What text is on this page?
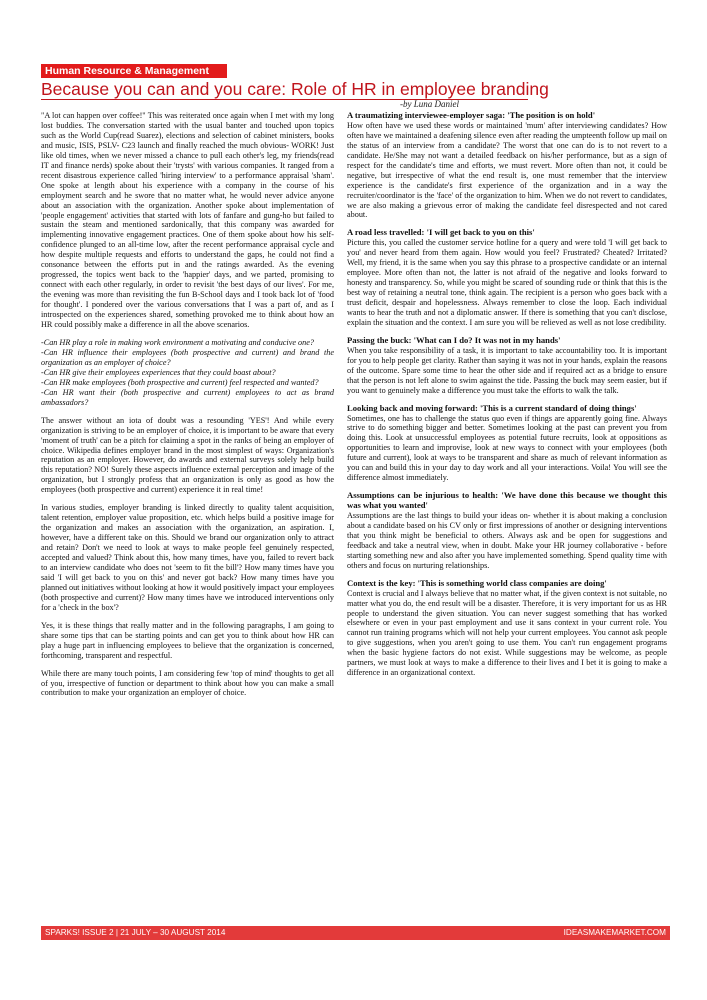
Human Resource & Management
Because you can and you care: Role of HR in employee branding
-by Luna Daniel

"A lot can happen over coffee!" This was reiterated once again when I met with my long lost buddies. The conversation started with the usual banter and touched upon topics such as the World Cup(read Suarez), elections and selection of cabinet ministers, books and music, ISIS, PSLV- C23 launch and finally reached the much obvious- WORK! Just like old times, when we never missed a chance to pull each other's leg, my friends(read IT and finance nerds) spoke about their 'trysts' with various companies. It ranged from a recent disastrous experience called 'hiring interview' to a performance appraisal 'sham'. One spoke at length about his experience with a company in the course of his employment search and he swore that no matter what, he would never advice anyone about an association with the organization. Another spoke about implementation of 'people engagement' activities that started with lots of fanfare and gung-ho but failed to sustain the steam and mentioned sardonically, that this company was awarded for implementing innovative engagement practices. One of them spoke about how his self-confidence plunged to an all-time low, after the recent performance appraisal cycle and how despite multiple requests and efforts to understand the gaps, he could not find a consonance between the efforts put in and the ratings awarded. As the evening progressed, the topics went back to the 'happier' days, and we parted, promising to connect with each other regularly, in order to revisit 'the best days of our lives'. For me, the evening was more than revisiting the fun B-School days and I took back lot of 'food for thought'. I pondered over the various conversations that I was a part of, and as I introspected on the experiences shared, something provoked me to think about how an HR could possibly make a difference in all the above scenarios.

-Can HR play a role in making work environment a motivating and conducive one?
-Can HR influence their employees (both prospective and current) and brand the organization as an employer of choice?
-Can HR give their employees experiences that they could boast about?
-Can HR make employees (both prospective and current) feel respected and wanted?
-Can HR want their (both prospective and current) employees to act as brand ambassadors?

The answer without an iota of doubt was a resounding 'YES'! And while every organization is striving to be an employer of choice, it is important to be aware that every 'moment of truth' can be a pitch for claiming a spot in the ranks of being an employer of choice. Wikipedia defines employer brand in the most simplest of ways: Organization's reputation as an employer. However, do awards and external surveys solely help build this reputation? NO! Surely these aspects influence external perception and image of the organization, but I strongly profess that an organization is only as good as how the employees (both prospective and current) experience it in real time!

In various studies, employer branding is linked directly to quality talent acquisition, talent retention, employer value proposition, etc. which helps build a positive image for the organization and makes an association with the organization, an aspiration. I, however, have a different take on this. Should we brand our organization only to attract and retain? Don't we need to look at ways to make people feel genuinely respected, accepted and valued? Think about this, how many times, have you, failed to revert back to an interview candidate who does not 'seem to fit the bill'? How many times have you said 'I will get back to you on this' and never got back? How many times have you planned out initiatives without looking at how it would positively impact your employees (both prospective and current)? How many times have we introduced interventions only for a 'check in the box'?

Yes, it is these things that really matter and in the following paragraphs, I am going to share some tips that can be starting points and can get you to think about how HR can play a huge part in influencing employees to believe that the organization is concerned, forthcoming, transparent and respectful.

While there are many touch points, I am considering few 'top of mind' thoughts to get all of you, irrespective of function or department to think about how you can make a small contribution to make your organization an employer of choice.

A traumatizing interviewee-employer saga: 'The position is on hold'
How often have we used these words or maintained 'mum' after interviewing candidates? How often have we maintained a deafening silence even after reading the umpteenth follow up mail on the status of an interview from a candidate? The worst that one can do is to not revert to a candidate. He/She may not want a detailed feedback on his/her performance, but as a sign of respect for the candidate's time and efforts, we must revert. More often than not, it could be negative, but irrespective of what the end result is, one must remember that the interview experience is the candidate's first experience of the organization and in a way the recruiter/coordinator is the 'face' of the organization to him. When we do not revert to candidates, we are also making a grievous error of making the candidate feel disrespected and not cared about.
A road less travelled: 'I will get back to you on this'
Picture this, you called the customer service hotline for a query and were told 'I will get back to you' and never heard from them again. How would you feel? Frustrated? Cheated? Irritated? Well, my friend, it is the same when you say this phrase to a prospective candidate or an internal employee. More often than not, the latter is not afraid of the negative and looks forward to honesty and transparency. So, while you might be scared of sounding rude or think that this is the best way of retaining a neutral tone, think again. The recipient is a person who goes back with a trust deficit, despair and hopelessness. Always remember to close the loop. Each individual wants to hear the truth and not a diplomatic answer. If there is something that you can't disclose, explain the situation and the context. I am sure you will be relieved as well as not lose credibility.
Passing the buck: 'What can I do? It was not in my hands'
When you take responsibility of a task, it is important to take accountability too. It is important for you to help people get clarity. Rather than saying it was not in your hands, explain the reasons of the outcome. Spare some time to hear the other side and if required act as a bridge to ensure that the person is not left alone to swim against the tide. Passing the buck may seem easier, but if you want to genuinely make a difference you must take the efforts to walk the talk.
Looking back and moving forward: 'This is a current standard of doing things'
Sometimes, one has to challenge the status quo even if things are apparently going fine. Always strive to do something bigger and better. Sometimes looking at the past can prevent you from doing this. Look at unsuccessful employees as potential future recruits, look at oppositions as opportunities to learn and improvise, look at new ways to connect with your employees (both future and current), look at ways to be transparent and share as much of relevant information as you can and build this in your day to day work and all your interactions. Voila! You will see the difference almost immediately.
Assumptions can be injurious to health: 'We have done this because we thought this was what you wanted'
Assumptions are the last things to build your ideas on- whether it is about making a conclusion about a candidate based on his CV only or first impressions of another or designing interventions that you think might be beneficial to others. Always ask and be open for suggestions and feedback and take a neutral view, when in doubt. Make your HR journey collaborative - before starting something new and also after you have implemented something. Spend quality time with others and focus on nurturing relationships.
Context is the key: 'This is something world class companies are doing'
Context is crucial and I always believe that no matter what, if the given context is not suitable, no matter what you do, the end result will be a disaster. Therefore, it is very important for us as HR people to understand the given situation. You can never suggest something that has worked elsewhere or even in your past employment and use it sans context in your current role. You cannot run training programs which will not help your current employees. You cannot ask people to give suggestions, when you aren't going to use them. You can't run engagement programs when the basic hygiene factors do not exist. While suggestions may be welcome, as people partners, we must look at ways to make a difference to their lives and I bet it is going to make a difference in an organizational context.
SPARKS! ISSUE 2 | 21 JULY – 30 AUGUST 2014	IDEASMAKEMARKET.COM
